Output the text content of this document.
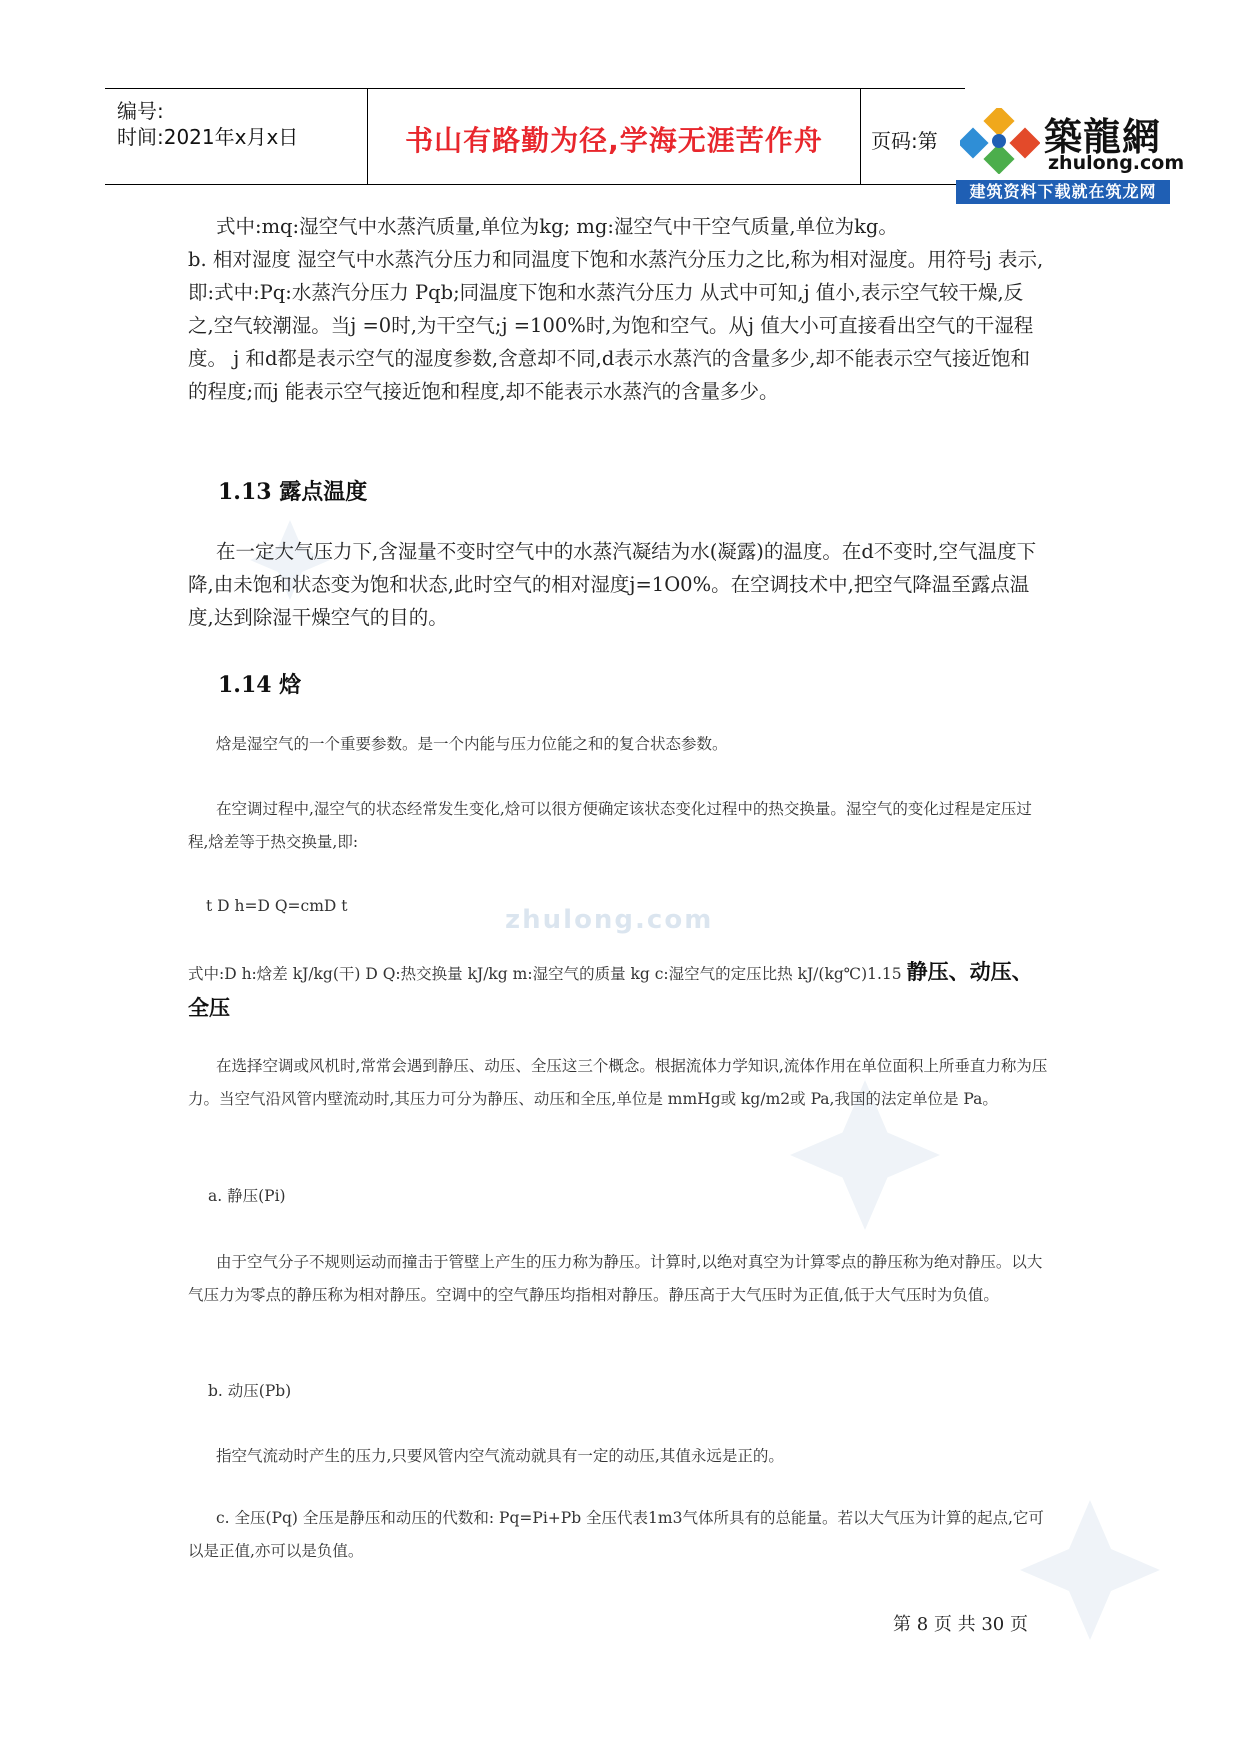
编号:
时间:2021年x月x日	书山有路勤为径,学海无涯苦作舟	页码:第	築龍網
zhulong.com
建筑资料下载就在筑龙网
zhulong.com
式中:mq:湿空气中水蒸汽质量,单位为kg; mg:湿空气中干空气质量,单位为kg。
b. 相对湿度 湿空气中水蒸汽分压力和同温度下饱和水蒸汽分压力之比,称为相对湿度。用符号j 表示,即:式中:Pq:水蒸汽分压力 Pqb;同温度下饱和水蒸汽分压力 从式中可知,j 值小,表示空气较干燥,反之,空气较潮湿。当j =0时,为干空气;j =100%时,为饱和空气。从j 值大小可直接看出空气的干湿程度。 j 和d都是表示空气的湿度参数,含意却不同,d表示水蒸汽的含量多少,却不能表示空气接近饱和的程度;而j 能表示空气接近饱和程度,却不能表示水蒸汽的含量多少。
1.13 露点温度
在一定大气压力下,含湿量不变时空气中的水蒸汽凝结为水(凝露)的温度。在d不变时,空气温度下降,由未饱和状态变为饱和状态,此时空气的相对湿度j=1O0%。在空调技术中,把空气降温至露点温度,达到除湿干燥空气的目的。
1.14 焓
焓是湿空气的一个重要参数。是一个内能与压力位能之和的复合状态参数。
在空调过程中,湿空气的状态经常发生变化,焓可以很方便确定该状态变化过程中的热交换量。湿空气的变化过程是定压过程,焓差等于热交换量,即:
t D h=D Q=cmD t
式中:D h:焓差 kJ/kg(干) D Q:热交换量 kJ/kg m:湿空气的质量 kg c:湿空气的定压比热 kJ/(kg℃)1.15 静压、动压、全压
在选择空调或风机时,常常会遇到静压、动压、全压这三个概念。根据流体力学知识,流体作用在单位面积上所垂直力称为压力。当空气沿风管内壁流动时,其压力可分为静压、动压和全压,单位是 mmHg或 kg/m2或 Pa,我国的法定单位是 Pa。
a. 静压(Pi)
由于空气分子不规则运动而撞击于管壁上产生的压力称为静压。计算时,以绝对真空为计算零点的静压称为绝对静压。以大气压力为零点的静压称为相对静压。空调中的空气静压均指相对静压。静压高于大气压时为正值,低于大气压时为负值。
b. 动压(Pb)
指空气流动时产生的压力,只要风管内空气流动就具有一定的动压,其值永远是正的。
c. 全压(Pq) 全压是静压和动压的代数和: Pq=Pi+Pb 全压代表1m3气体所具有的总能量。若以大气压为计算的起点,它可以是正值,亦可以是负值。
第 8 页 共 30 页
